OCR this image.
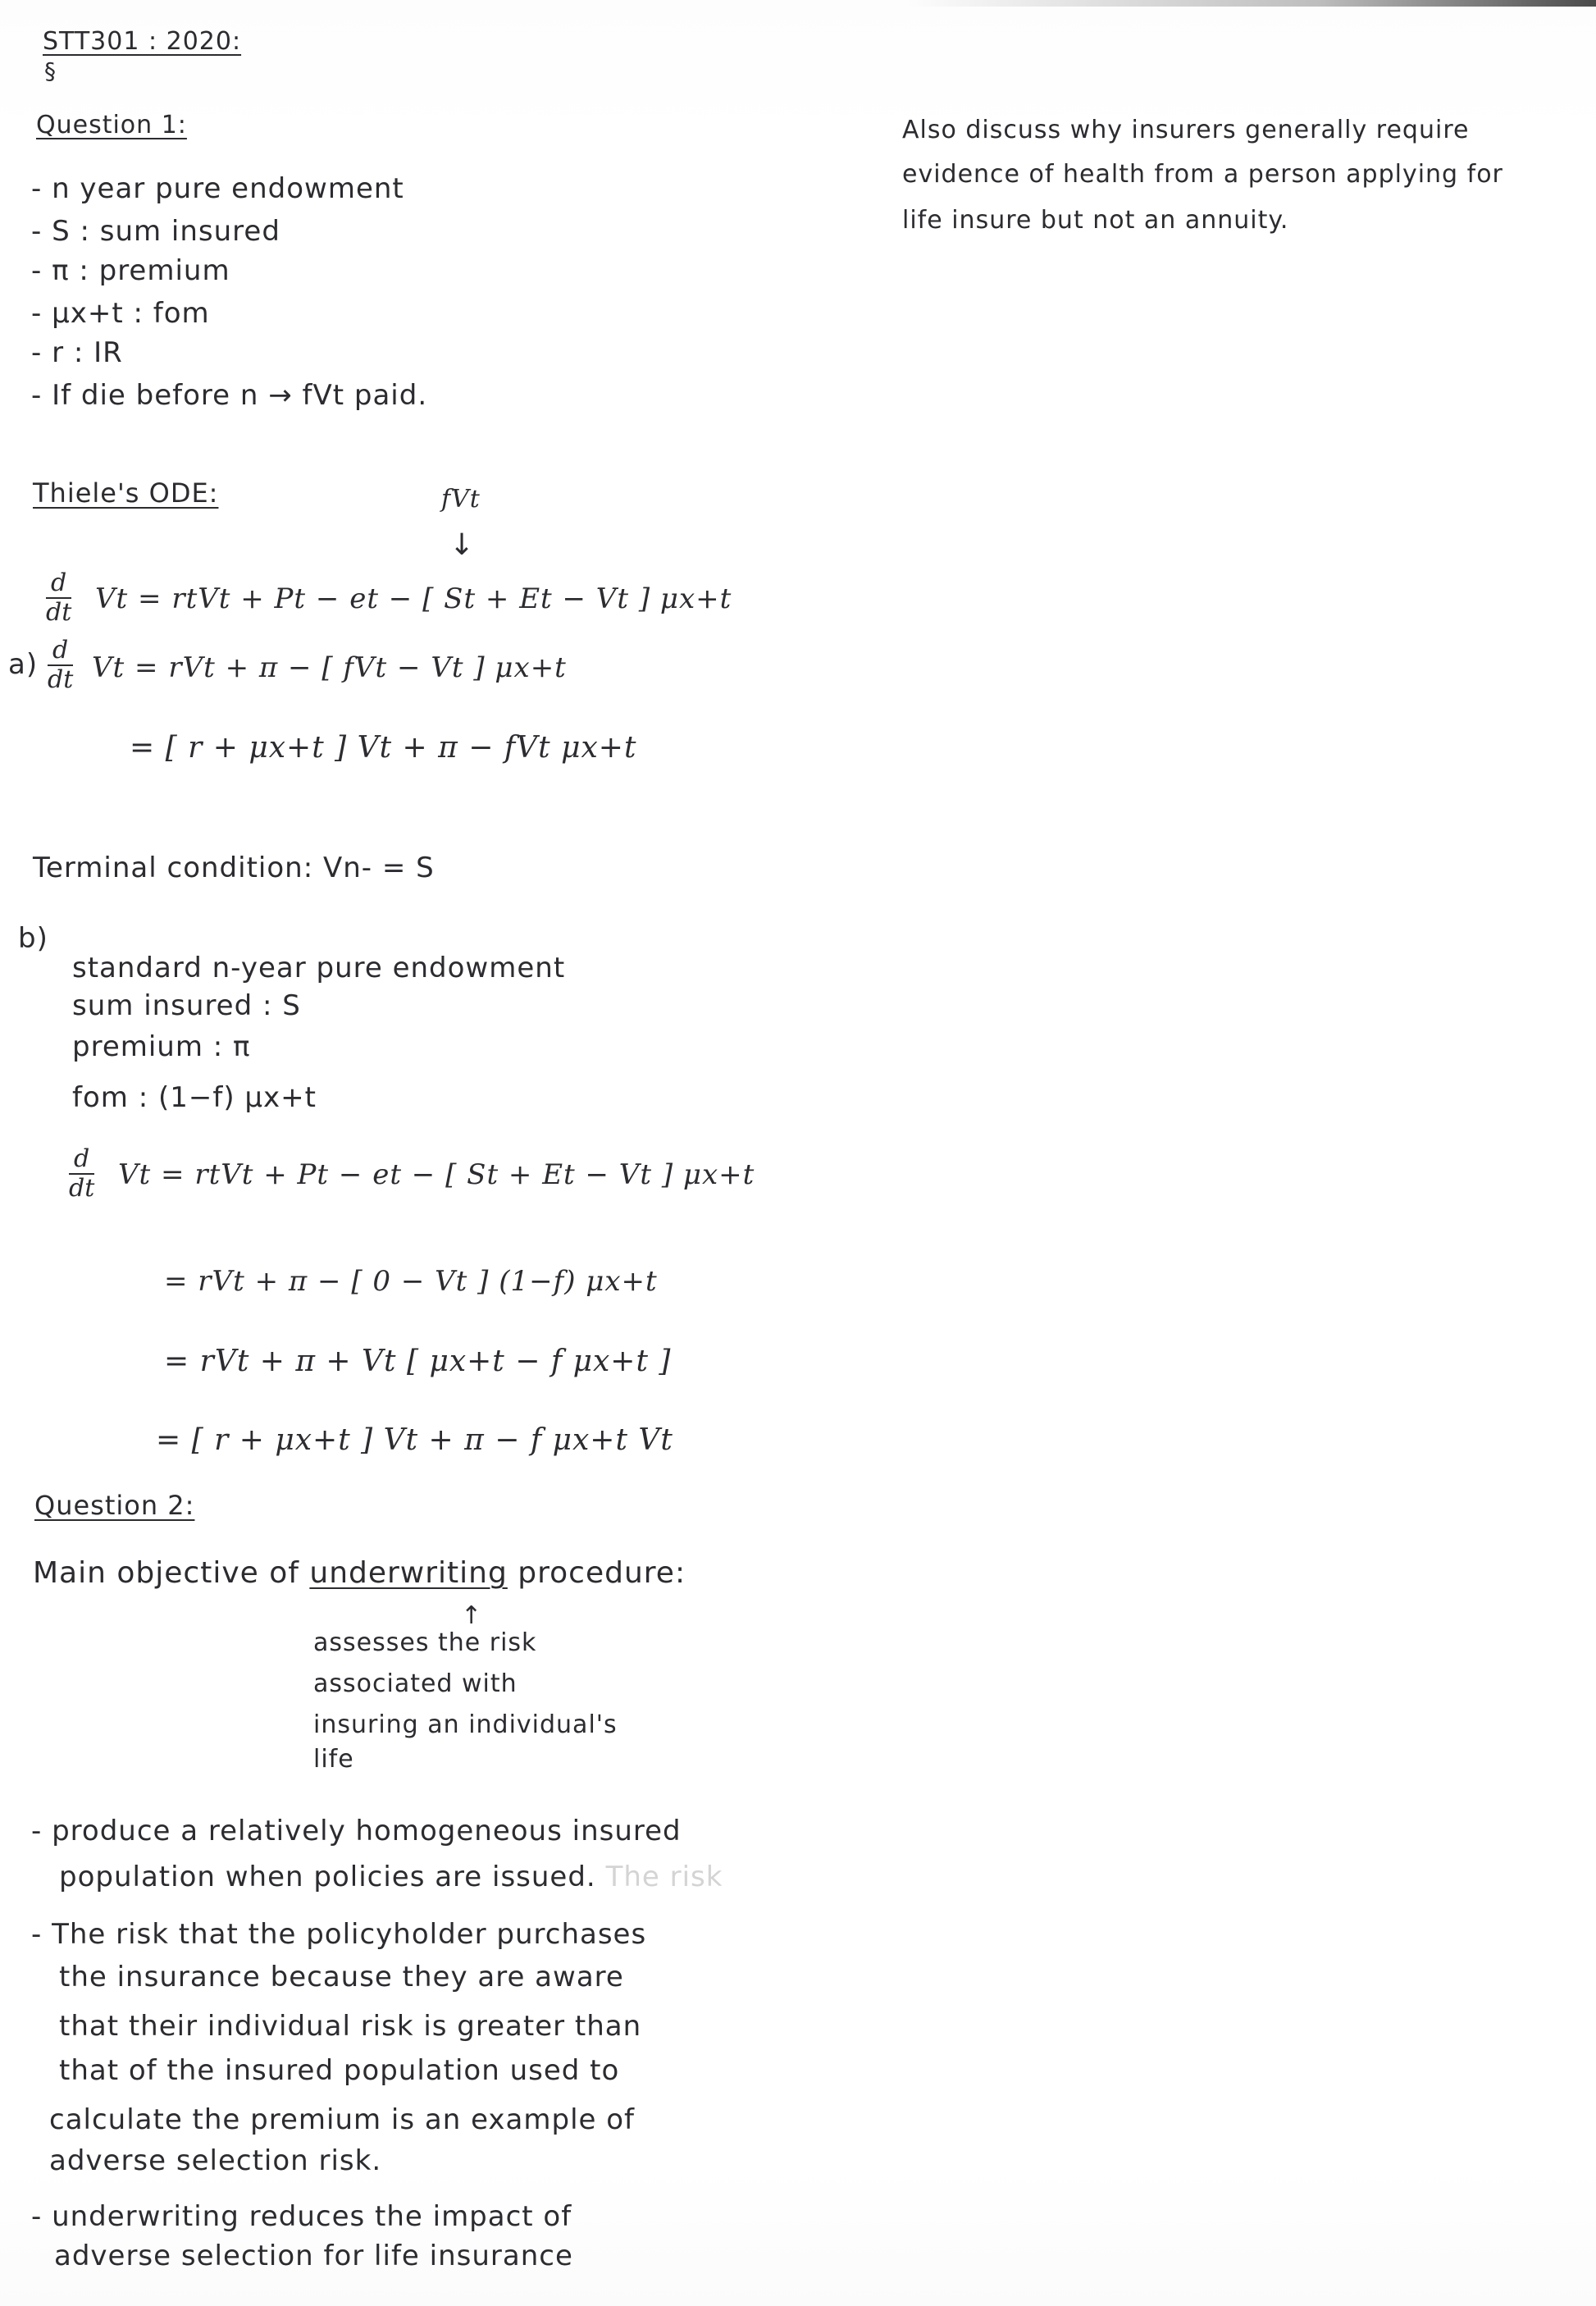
STT301 : 2020:
§
Also discuss why insurers generally require
evidence of health from a person applying for
life insure but not an annuity.
Question 1:
- n year pure endowment
- S : sum insured
- π : premium
- μx+t : fom
- r : IR
- If die before n → fVt paid.
Thiele's ODE:	fVt
↓
$\frac{d}{dt}$ Vt = rtVt + Pt − et − [ St + Et − Vt ] μx+t
$a) \frac{d}{dt}$ Vt = rVt + π − [ fVt − Vt ] μx+t
= [ r + μx+t ] Vt + π − fVt μx+t
Terminal condition: Vn- = S
b)
standard n-year pure endowment
sum insured : S
premium : π
fom : (1−f) μx+t
$\frac{d}{dt}$ Vt = rtVt + Pt − et − [ St + Et − Vt ] μx+t
= rVt + π − [ 0 − Vt ] (1−f) μx+t
= rVt + π + Vt [ μx+t − f μx+t ]
= [ r + μx+t ] Vt + π − f μx+t Vt
Question 2:
Main objective of underwriting procedure:
↑
assesses the risk
associated with
insuring an individual's
life
- produce a relatively homogeneous insured
population when policies are issued. The risk
- The risk that the policyholder purchases
the insurance because they are aware
that their individual risk is greater than
that of the insured population used to
calculate the premium is an example of
adverse selection risk.
- underwriting reduces the impact of
adverse selection for life insurance
